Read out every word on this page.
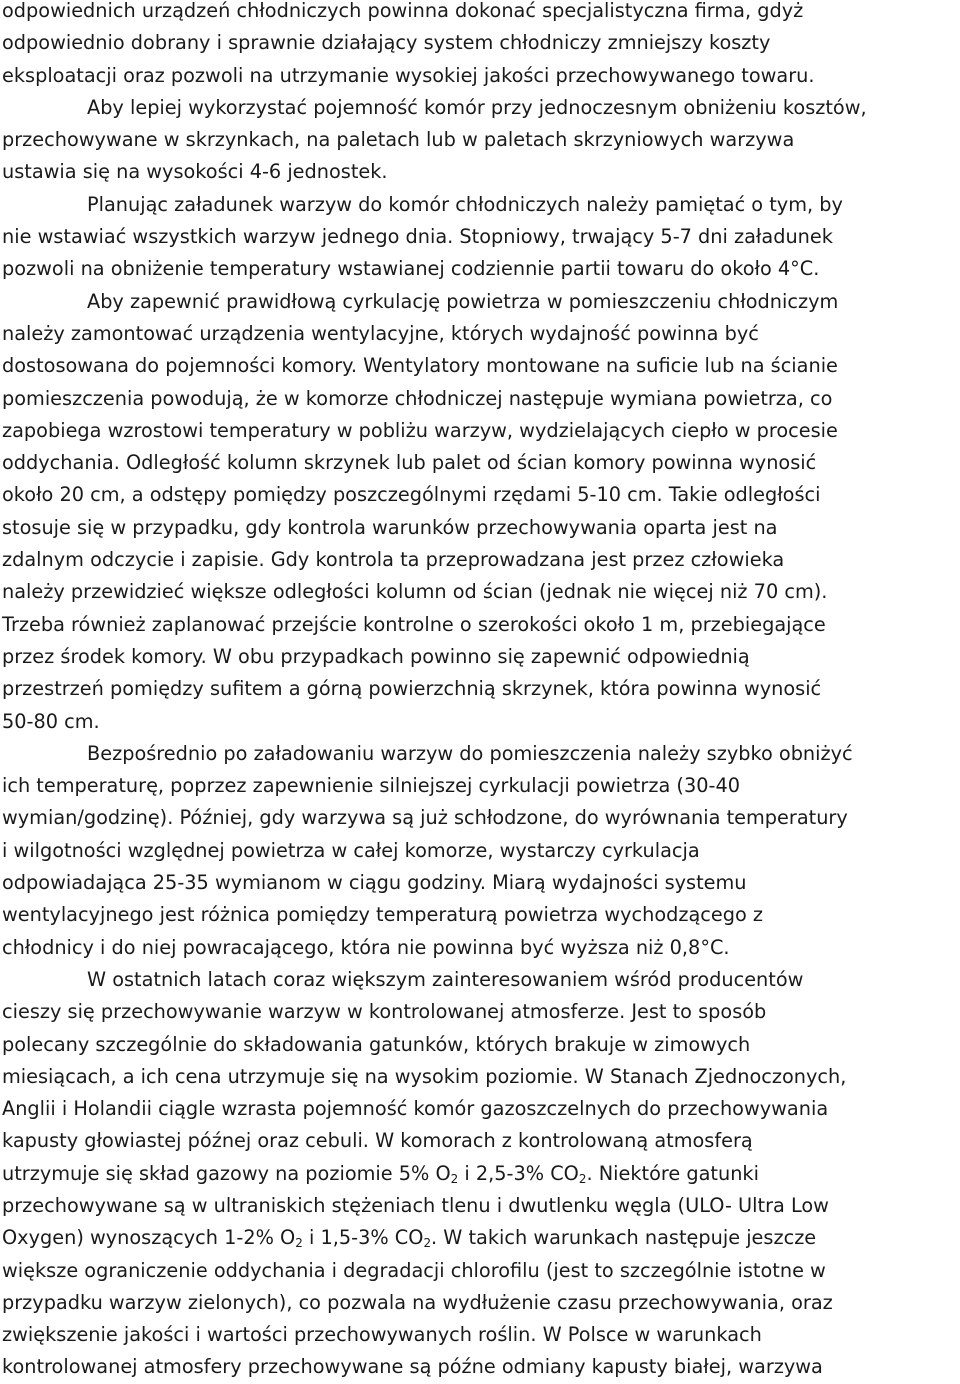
odpowiednich urządzeń chłodniczych powinna dokonać specjalistyczna firma, gdyż
odpowiednio dobrany i sprawnie działający system chłodniczy zmniejszy koszty
eksploatacji oraz pozwoli na utrzymanie wysokiej jakości przechowywanego towaru.
Aby lepiej wykorzystać pojemność komór przy jednoczesnym obniżeniu kosztów,
przechowywane w skrzynkach, na paletach lub w paletach skrzyniowych warzywa
ustawia się na wysokości 4-6 jednostek.
Planując załadunek warzyw do komór chłodniczych należy pamiętać o tym, by
nie wstawiać wszystkich warzyw jednego dnia. Stopniowy, trwający 5-7 dni załadunek
pozwoli na obniżenie temperatury wstawianej codziennie partii towaru do około 4°C.
Aby zapewnić prawidłową cyrkulację powietrza w pomieszczeniu chłodniczym
należy zamontować urządzenia wentylacyjne, których wydajność powinna być
dostosowana do pojemności komory. Wentylatory montowane na suficie lub na ścianie
pomieszczenia powodują, że w komorze chłodniczej następuje wymiana powietrza, co
zapobiega wzrostowi temperatury w pobliżu warzyw, wydzielających ciepło w procesie
oddychania. Odległość kolumn skrzynek lub palet od ścian komory powinna wynosić
około 20 cm, a odstępy pomiędzy poszczególnymi rzędami 5-10 cm. Takie odległości
stosuje się w przypadku, gdy kontrola warunków przechowywania oparta jest na
zdalnym odczycie i zapisie. Gdy kontrola ta przeprowadzana jest przez człowieka
należy przewidzieć większe odległości kolumn od ścian (jednak nie więcej niż 70 cm).
Trzeba również zaplanować przejście kontrolne o szerokości około 1 m, przebiegające
przez środek komory. W obu przypadkach powinno się zapewnić odpowiednią
przestrzeń pomiędzy sufitem a górną powierzchnią skrzynek, która powinna wynosić
50-80 cm.
Bezpośrednio po załadowaniu warzyw do pomieszczenia należy szybko obniżyć
ich temperaturę, poprzez zapewnienie silniejszej cyrkulacji powietrza (30-40
wymian/godzinę). Później, gdy warzywa są już schłodzone, do wyrównania temperatury
i wilgotności względnej powietrza w całej komorze, wystarczy cyrkulacja
odpowiadająca 25-35 wymianom w ciągu godziny. Miarą wydajności systemu
wentylacyjnego jest różnica pomiędzy temperaturą powietrza wychodzącego z
chłodnicy i do niej powracającego, która nie powinna być wyższa niż 0,8°C.
W ostatnich latach coraz większym zainteresowaniem wśród producentów
cieszy się przechowywanie warzyw w kontrolowanej atmosferze. Jest to sposób
polecany szczególnie do składowania gatunków, których brakuje w zimowych
miesiącach, a ich cena utrzymuje się na wysokim poziomie. W Stanach Zjednoczonych,
Anglii i Holandii ciągle wzrasta pojemność komór gazoszczelnych do przechowywania
kapusty głowiastej późnej oraz cebuli. W komorach z kontrolowaną atmosferą
utrzymuje się skład gazowy na poziomie 5% $O_2$ i 2,5-3% $CO_2$. Niektóre gatunki
przechowywane są w ultraniskich stężeniach tlenu i dwutlenku węgla (ULO- Ultra Low
Oxygen) wynoszących 1-2% $O_2$ i 1,5-3% $CO_2$. W takich warunkach następuje jeszcze
większe ograniczenie oddychania i degradacji chlorofilu (jest to szczególnie istotne w
przypadku warzyw zielonych), co pozwala na wydłużenie czasu przechowywania, oraz
zwiększenie jakości i wartości przechowywanych roślin. W Polsce w warunkach
kontrolowanej atmosfery przechowywane są późne odmiany kapusty białej, warzywa
